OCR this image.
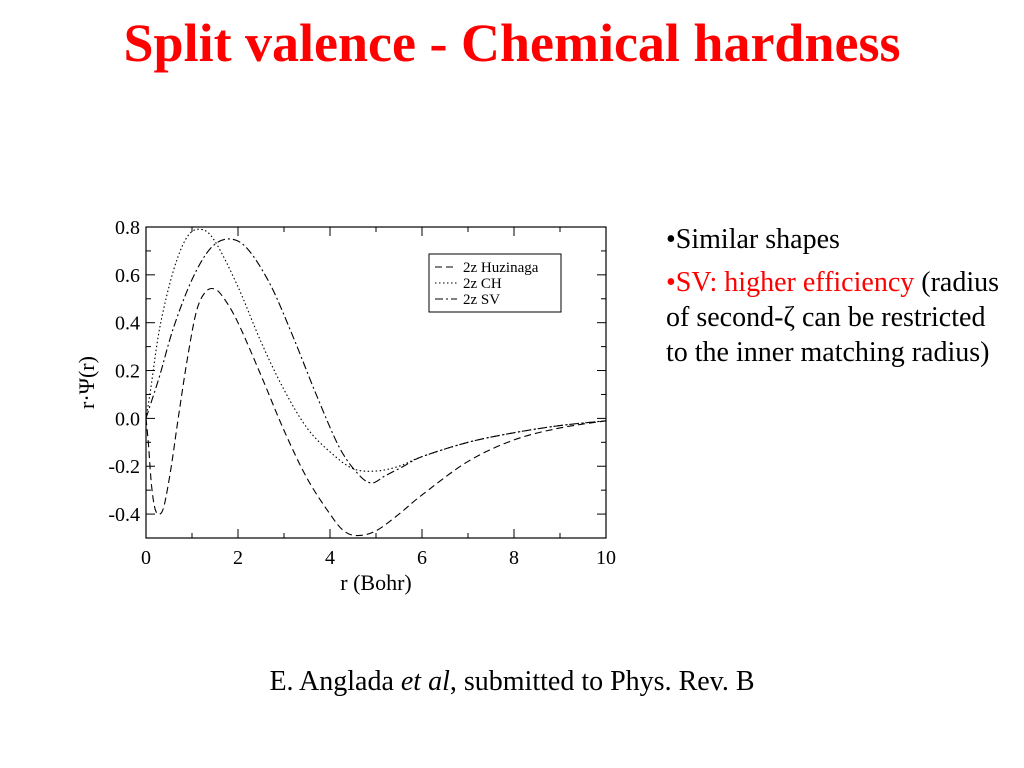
Split valence - Chemical hardness
0	2	4	6	8	10
0.8
0.6
0.4
0.2
0.0
-0.2
-0.4
r (Bohr)
r·Ψ(r)
2z Huzinaga
2z CH
2z SV

•Similar shapes

•SV: higher efficiency (radius of second-ζ can be restricted to the inner matching radius)

E. Anglada et al, submitted to Phys. Rev. B
